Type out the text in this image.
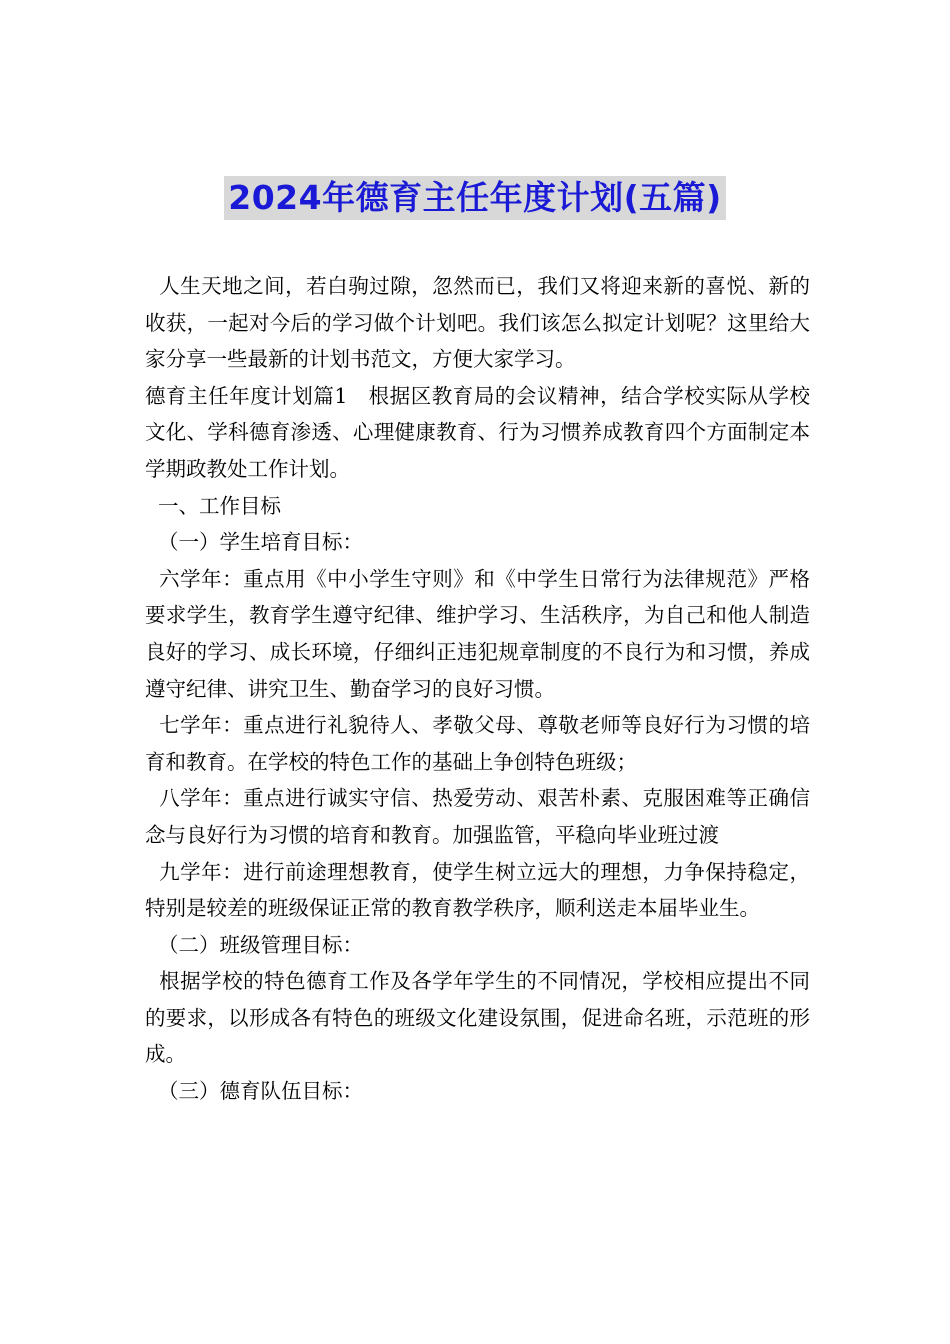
2024年德育主任年度计划(五篇)

人生天地之间，若白驹过隙，忽然而已，我们又将迎来新的喜悦、新的收获，一起对今后的学习做个计划吧。我们该怎么拟定计划呢？这里给大家分享一些最新的计划书范文，方便大家学习。

德育主任年度计划篇1   根据区教育局的会议精神，结合学校实际从学校文化、学科德育渗透、心理健康教育、行为习惯养成教育四个方面制定本学期政教处工作计划。

一、工作目标

（一）学生培育目标：

六学年：重点用《中小学生守则》和《中学生日常行为法律规范》严格要求学生，教育学生遵守纪律、维护学习、生活秩序，为自己和他人制造良好的学习、成长环境，仔细纠正违犯规章制度的不良行为和习惯，养成遵守纪律、讲究卫生、勤奋学习的良好习惯。

七学年：重点进行礼貌待人、孝敬父母、尊敬老师等良好行为习惯的培育和教育。在学校的特色工作的基础上争创特色班级；

八学年：重点进行诚实守信、热爱劳动、艰苦朴素、克服困难等正确信念与良好行为习惯的培育和教育。加强监管，平稳向毕业班过渡

九学年：进行前途理想教育，使学生树立远大的理想，力争保持稳定，特别是较差的班级保证正常的教育教学秩序，顺利送走本届毕业生。

（二）班级管理目标：

根据学校的特色德育工作及各学年学生的不同情况，学校相应提出不同的要求，以形成各有特色的班级文化建设氛围，促进命名班，示范班的形成。

（三）德育队伍目标：
